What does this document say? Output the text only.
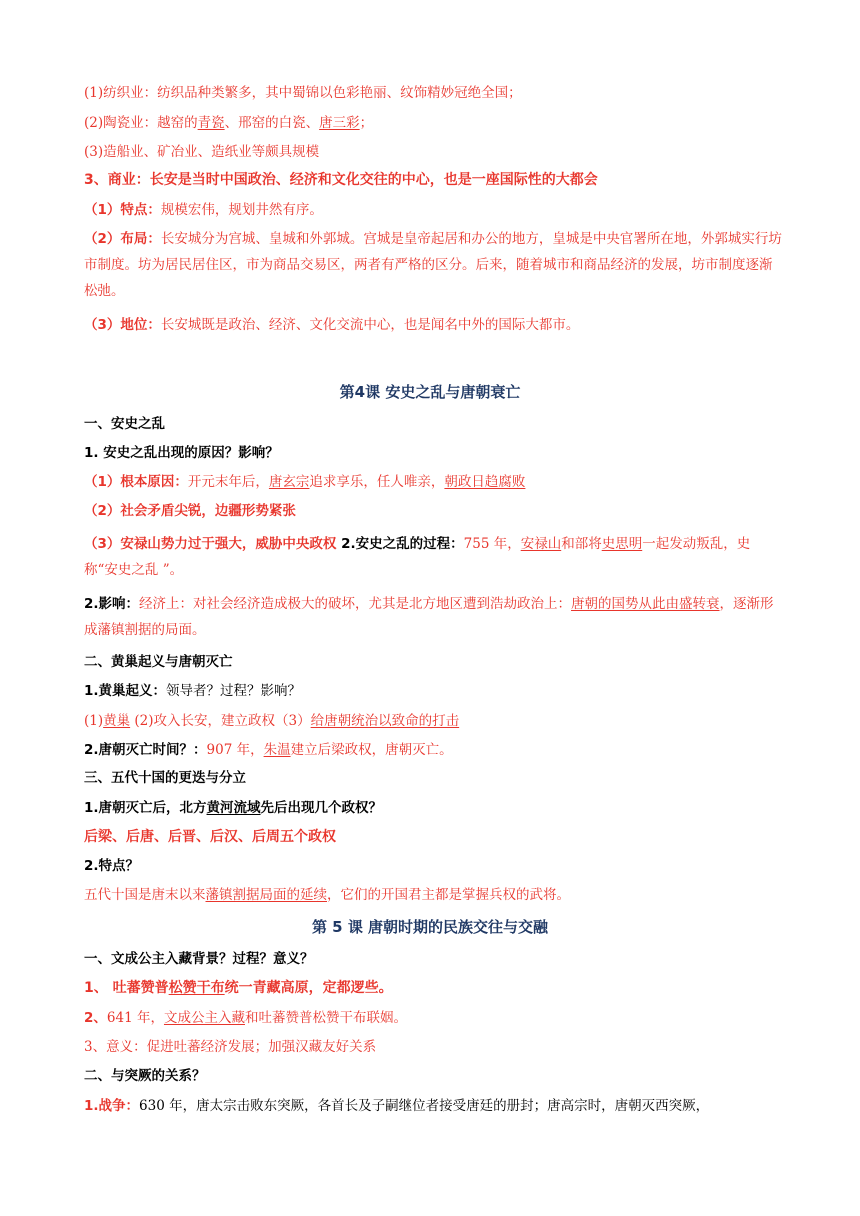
(1)纺织业：纺织品种类繁多，其中蜀锦以色彩艳丽、纹饰精妙冠绝全国；
(2)陶瓷业：越窑的青瓷、邢窑的白瓷、唐三彩；
(3)造船业、矿冶业、造纸业等颇具规模
3、商业：长安是当时中国政治、经济和文化交往的中心，也是一座国际性的大都会
（1）特点：规模宏伟，规划井然有序。
（2）布局：长安城分为宫城、皇城和外郭城。宫城是皇帝起居和办公的地方，皇城是中央官署所在地，外郭城实行坊市制度。坊为居民居住区，市为商品交易区，两者有严格的区分。后来，随着城市和商品经济的发展，坊市制度逐渐松弛。
（3）地位：长安城既是政治、经济、文化交流中心，也是闻名中外的国际大都市。
第4课 安史之乱与唐朝衰亡
一、安史之乱
1. 安史之乱出现的原因？影响？
（1）根本原因：开元末年后，唐玄宗追求享乐，任人唯亲，朝政日趋腐败
（2）社会矛盾尖锐，边疆形势紧张
（3）安禄山势力过于强大，威胁中央政权 2.安史之乱的过程：755 年，安禄山和部将史思明一起发动叛乱，史称“安史之乱 ”。
2.影响：经济上：对社会经济造成极大的破坏，尤其是北方地区遭到浩劫政治上：唐朝的国势从此由盛转衰，逐渐形成藩镇割据的局面。
二、黄巢起义与唐朝灭亡
1.黄巢起义：领导者？过程？影响？
(1)黄巢 (2)攻入长安，建立政权（3）给唐朝统治以致命的打击
2.唐朝灭亡时间？：907 年，朱温建立后梁政权，唐朝灭亡。
三、五代十国的更迭与分立
1.唐朝灭亡后，北方黄河流域先后出现几个政权？
后梁、后唐、后晋、后汉、后周五个政权
2.特点？
五代十国是唐末以来藩镇割据局面的延续，它们的开国君主都是掌握兵权的武将。
第 5 课 唐朝时期的民族交往与交融
一、文成公主入藏背景？过程？意义？
1、 吐蕃赞普松赞干布统一青藏高原，定都逻些。
2、641 年，文成公主入藏和吐蕃赞普松赞干布联姻。
3、意义：促进吐蕃经济发展；加强汉藏友好关系
二、与突厥的关系？
1.战争：630 年，唐太宗击败东突厥，各首长及子嗣继位者接受唐廷的册封；唐高宗时，唐朝灭西突厥，
